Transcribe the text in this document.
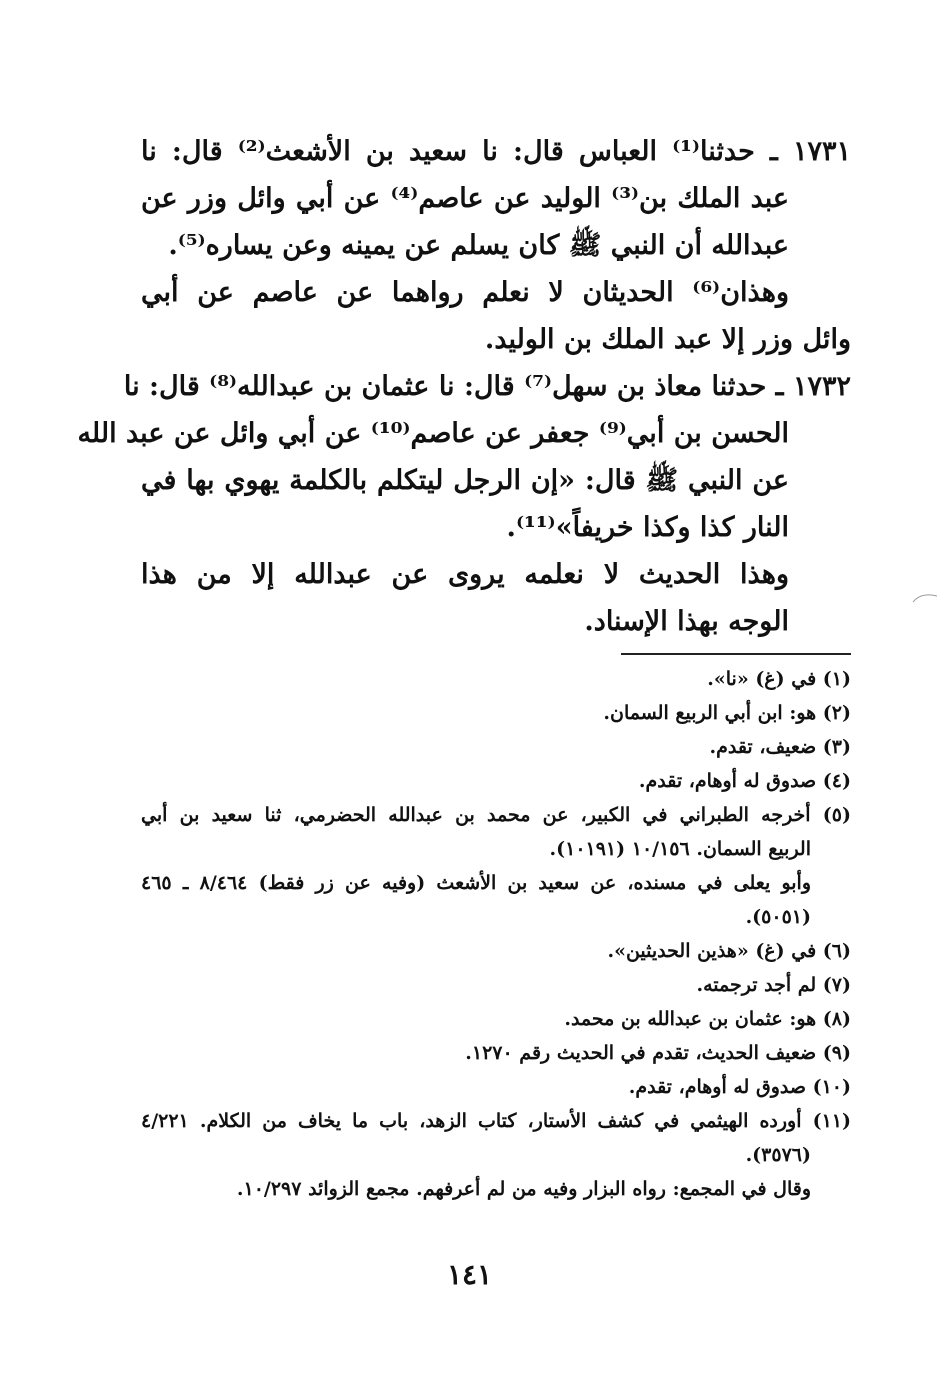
١٧٣١ ـ حدثنا⁽¹⁾ العباس قال: نا سعيد بن الأشعث⁽²⁾ قال: نا
عبد الملك بن⁽³⁾ الوليد عن عاصم⁽⁴⁾ عن أبي وائل وزر عن
عبدالله أن النبي ﷺ كان يسلم عن يمينه وعن يساره⁽⁵⁾.
وهذان⁽⁶⁾ الحديثان لا نعلم رواهما عن عاصم عن أبي
وائل وزر إلا عبد الملك بن الوليد.
١٧٣٢ ـ حدثنا معاذ بن سهل⁽⁷⁾ قال: نا عثمان بن عبدالله⁽⁸⁾ قال: نا
الحسن بن أبي⁽⁹⁾ جعفر عن عاصم⁽¹⁰⁾ عن أبي وائل عن عبد الله
عن النبي ﷺ قال: «إن الرجل ليتكلم بالكلمة يهوي بها في
النار كذا وكذا خريفاً»⁽¹¹⁾.
وهذا الحديث لا نعلمه يروى عن عبدالله إلا من هذا
الوجه بهذا الإسناد.
(١) في (غ) «نا».
(٢) هو: ابن أبي الربيع السمان.
(٣) ضعيف، تقدم.
(٤) صدوق له أوهام، تقدم.
(٥) أخرجه الطبراني في الكبير، عن محمد بن عبدالله الحضرمي، ثنا سعيد بن أبي
الربيع السمان. ١٠/١٥٦ (١٠١٩١).
وأبو يعلى في مسنده، عن سعيد بن الأشعث (وفيه عن زر فقط) ٨/٤٦٤ ـ ٤٦٥
(٥٠٥١).
(٦) في (غ) «هذين الحديثين».
(٧) لم أجد ترجمته.
(٨) هو: عثمان بن عبدالله بن محمد.
(٩) ضعيف الحديث، تقدم في الحديث رقم ١٢٧٠.
(١٠) صدوق له أوهام، تقدم.
(١١) أورده الهيثمي في كشف الأستار، كتاب الزهد، باب ما يخاف من الكلام. ٤/٢٢١
(٣٥٧٦).
وقال في المجمع: رواه البزار وفيه من لم أعرفهم. مجمع الزوائد ١٠/٢٩٧.
١٤١
